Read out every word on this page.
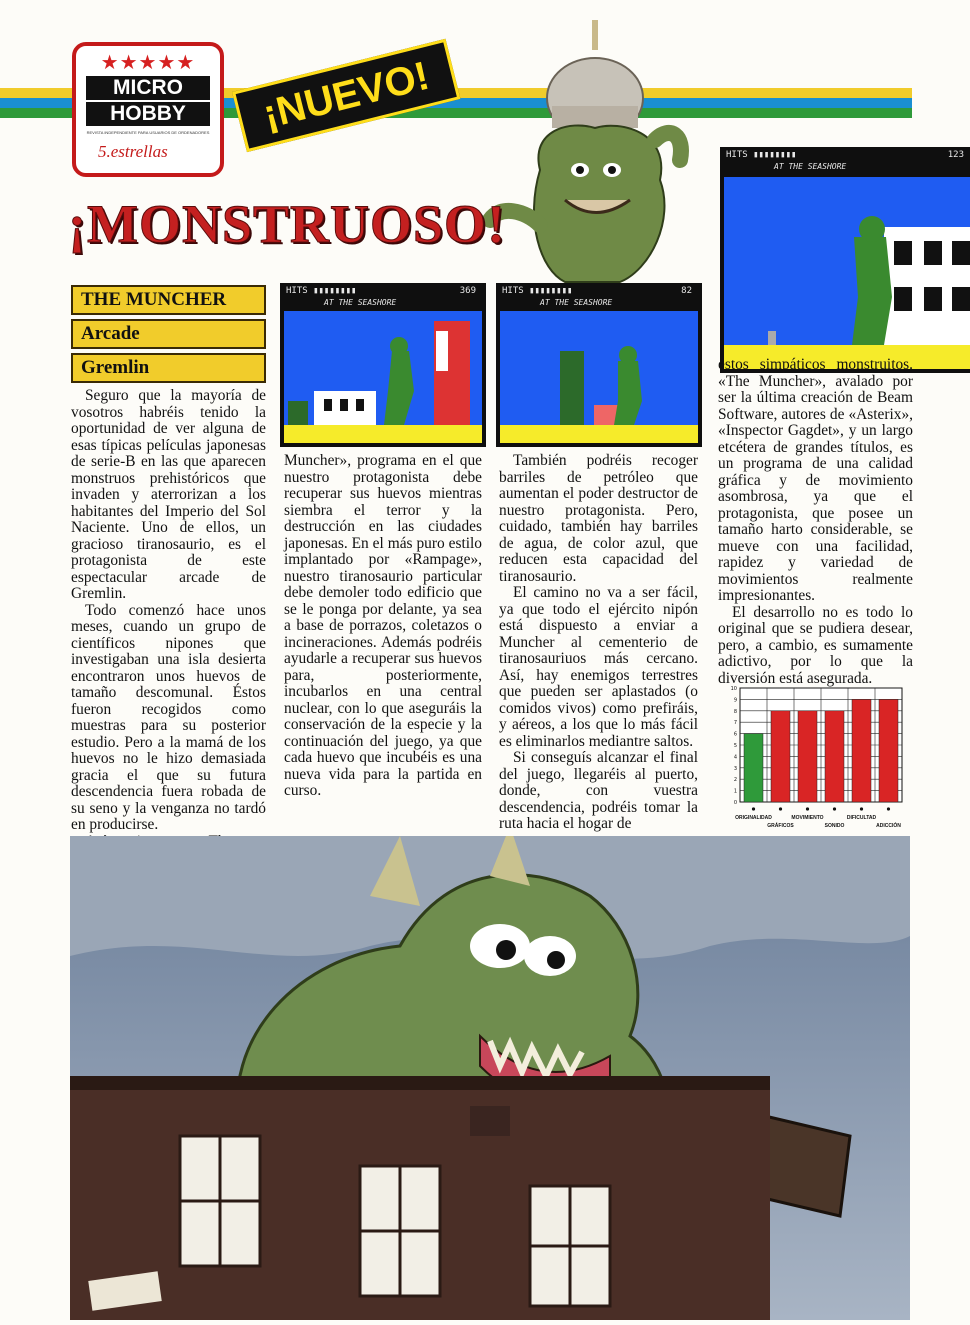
★★★★★
MICRO
HOBBY
REVISTA INDEPENDIENTE PARA USUARIOS DE ORDENADORES
5.estrellas
¡NUEVO!
¡MONSTRUOSO!
THE MUNCHER
Arcade
Gremlin
HITS ▮▮▮▮▮▮▮▮	369
AT THE SEASHORE
HITS ▮▮▮▮▮▮▮▮	82
AT THE SEASHORE
HITS ▮▮▮▮▮▮▮▮	123
AT THE SEASHORE

Seguro que la mayoría de vosotros habréis tenido la oportunidad de ver alguna de esas típicas películas japonesas de serie-B en las que aparecen monstruos prehistóricos que invaden y aterrorizan a los habitantes del Imperio del Sol Naciente. Uno de ellos, un gracioso tiranosaurio, es el protagonista de este espectacular arcade de Gremlin.

Todo comenzó hace unos meses, cuando un grupo de científicos nipones que investigaban una isla desierta encontraron unos huevos de tamaño descomunal. Éstos fueron recogidos como muestras para su posterior estudio. Pero a la mamá de los huevos no le hizo demasiada gracia el que su futura descendencia fuera robada de su seno y la venganza no tardó en producirse.

Muncher», programa en el que nuestro protagonista debe recuperar sus huevos mientras siembra el terror y la destrucción en las ciudades japonesas. En el más puro estilo implantado por «Rampage», nuestro tiranosaurio particular debe demoler todo edificio que se le ponga por delante, ya sea a base de porrazos, coletazos o incineraciones. Además podréis ayudarle a recuperar sus huevos para, posteriormente, incubarlos en una central nuclear, con lo que aseguráis la conservación de la especie y la continuación del juego, ya que cada huevo que incubéis es una nueva vida para la partida en curso.

También podréis recoger barriles de petróleo que aumentan el poder destructor de nuestro protagonista. Pero, cuidado, también hay barriles de agua, de color azul, que reducen esta capacidad del tiranosaurio.

El camino no va a ser fácil, ya que todo el ejército nipón está dispuesto a enviar a Muncher al cementerio de tiranosauriuos más cercano. Así, hay enemigos terrestres que pueden ser aplastados (o comidos vivos) como prefiráis, y aéreos, a los que lo más fácil es eliminarlos mediantre saltos.

Si conseguís alcanzar el final del juego, llegaréis al puerto, donde, con vuestra descendencia, podréis tomar la ruta hacia el hogar de

estos simpáticos monstruitos. «The Muncher», avalado por ser la última creación de Beam Software, autores de «Asterix», «Inspector Gagdet», y un largo etcétera de grandes títulos, es un programa de una calidad gráfica y de movimiento asombrosa, ya que el protagonista, que posee un tamaño harto considerable, se mueve con una facilidad, rapidez y variedad de movimientos realmente impresionantes.

El desarrollo no es todo lo original que se pudiera desear, pero, a cambio, es sumamente adictivo, por lo que la diversión está asegurada.

0
1
2
3
4
5
6
7
8
9
10
ORIGINALIDAD
GRÁFICOS
MOVIMIENTO
SONIDO
DIFICULTAD
ADICCIÓN
